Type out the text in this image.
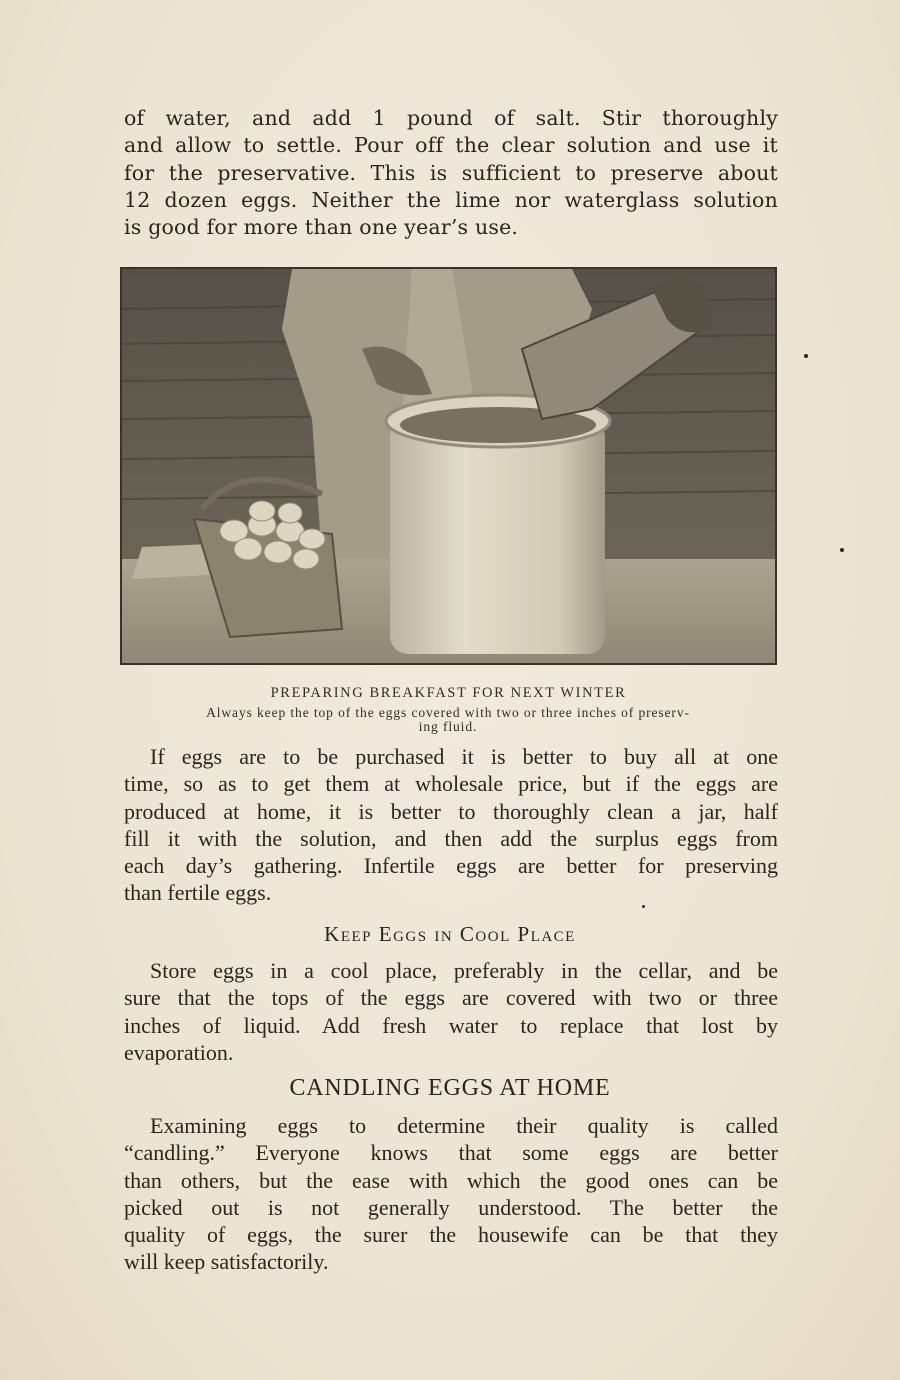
of water, and add 1 pound of salt. Stir thoroughly
and allow to settle. Pour off the clear solution and use it
for the preservative. This is sufficient to preserve about
12 dozen eggs. Neither the lime nor waterglass solution
is good for more than one year’s use.
PREPARING BREAKFAST FOR NEXT WINTER
Always keep the top of the eggs covered with two or three inches of preserv-
ing fluid.
If eggs are to be purchased it is better to buy all at one
time, so as to get them at wholesale price, but if the eggs are
produced at home, it is better to thoroughly clean a jar, half
fill it with the solution, and then add the surplus eggs from
each day’s gathering. Infertile eggs are better for preserving
than fertile eggs.
Keep Eggs in Cool Place
Store eggs in a cool place, preferably in the cellar, and be
sure that the tops of the eggs are covered with two or three
inches of liquid. Add fresh water to replace that lost by
evaporation.
CANDLING EGGS AT HOME
Examining eggs to determine their quality is called
“candling.” Everyone knows that some eggs are better
than others, but the ease with which the good ones can be
picked out is not generally understood. The better the
quality of eggs, the surer the housewife can be that they
will keep satisfactorily.
